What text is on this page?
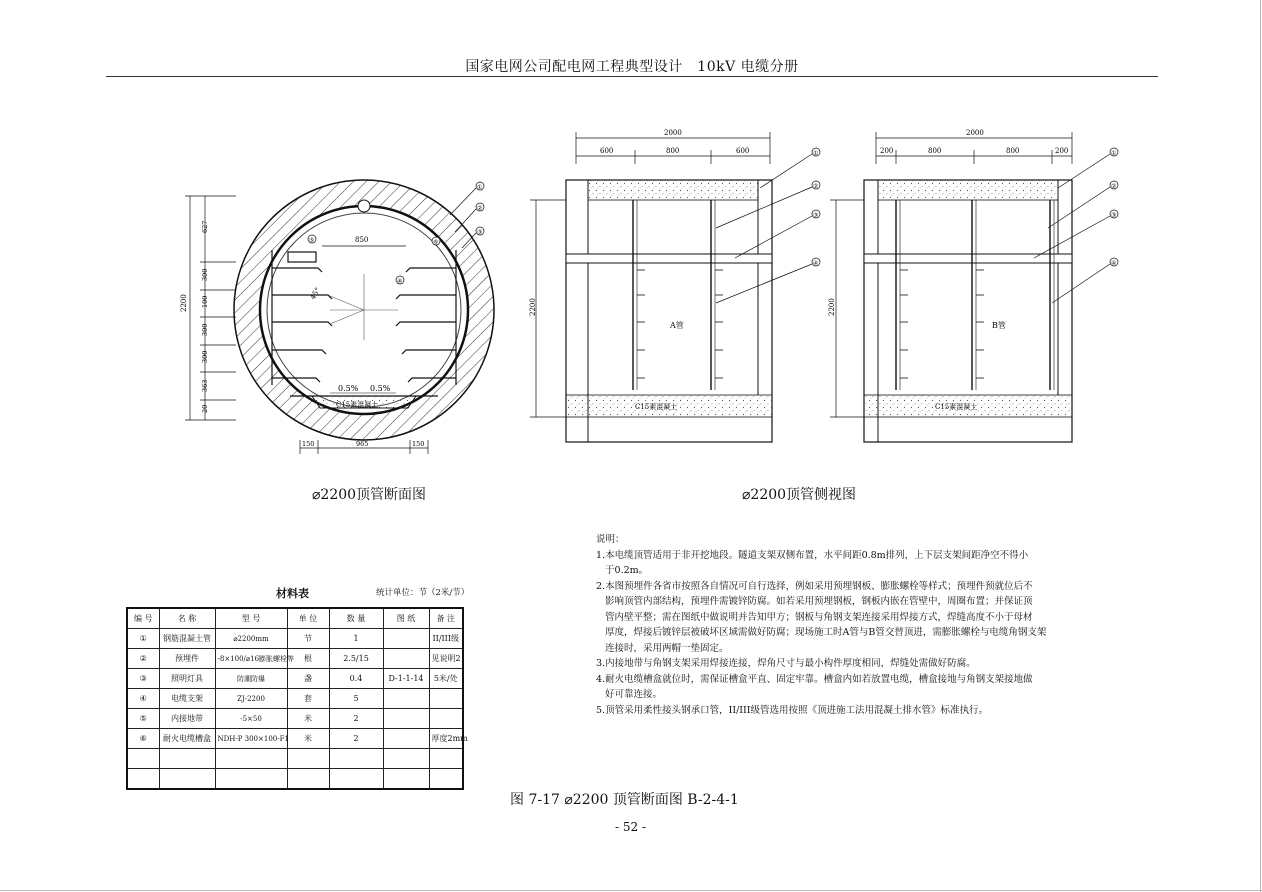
国家电网公司配电网工程典型设计　10kV 电缆分册
45°
850
0.5% 0.5%
C15素混凝土
2200
627
300
100
300
300
363
20
150	965	150
①
②
③
⑥
⑤
④
2000
600	800	600
A管
C15素混凝土
2200
①
②
③
④
2000
200	800	800	200
B管
C15素混凝土
2200
①
②
③
④
⌀2200顶管断面图	⌀2200顶管侧视图
材料表	统计单位：节（2米/节）
编 号	名 称	型 号	单 位	数 量	图 纸	备 注
①	钢筋混凝土管	⌀2200mm	节	1		II/III级
②	预埋件	-8×100/⌀16膨胀螺栓等	根	2.5/15		见说明2
③	照明灯具	防潮防爆	盏	0.4	D-1-1-14	5米/处
④	电缆支架	ZJ-2200	套	5		
⑤	内接地带	-5×50	米	2		
⑥	耐火电缆槽盒	NDH-P 300×100-F1	米	2		厚度2mm

说明：
1.本电缆顶管适用于非开挖地段。隧道支架双侧布置，水平间距0.8m排列，上下层支架间距净空不得小
于0.2m。
2.本图预埋件各省市按照各自情况可自行选择，例如采用预埋钢板、膨胀螺栓等样式；预埋件预就位后不
影响顶管内部结构，预埋件需镀锌防腐。如若采用预埋钢板，钢板内嵌在管壁中，周圈布置；并保证顶
管内壁平整；需在图纸中做说明并告知甲方；钢板与角钢支架连接采用焊接方式，焊缝高度不小于母材
厚度，焊接后镀锌层被破坏区域需做好防腐；现场施工时A管与B管交替顶进，需膨胀螺栓与电缆角钢支架
连接时，采用两帽一垫固定。
3.内接地带与角钢支架采用焊接连接，焊角尺寸与最小构件厚度相同，焊缝处需做好防腐。
4.耐火电缆槽盒就位时，需保证槽盒平直、固定牢靠。槽盒内如若放置电缆，槽盒接地与角钢支架接地做
好可靠连接。
5.顶管采用柔性接头钢承口管，II/III级管选用按照《顶进施工法用混凝土排水管》标准执行。
图 7-17 ⌀2200 顶管断面图 B-2-4-1
- 52 -
